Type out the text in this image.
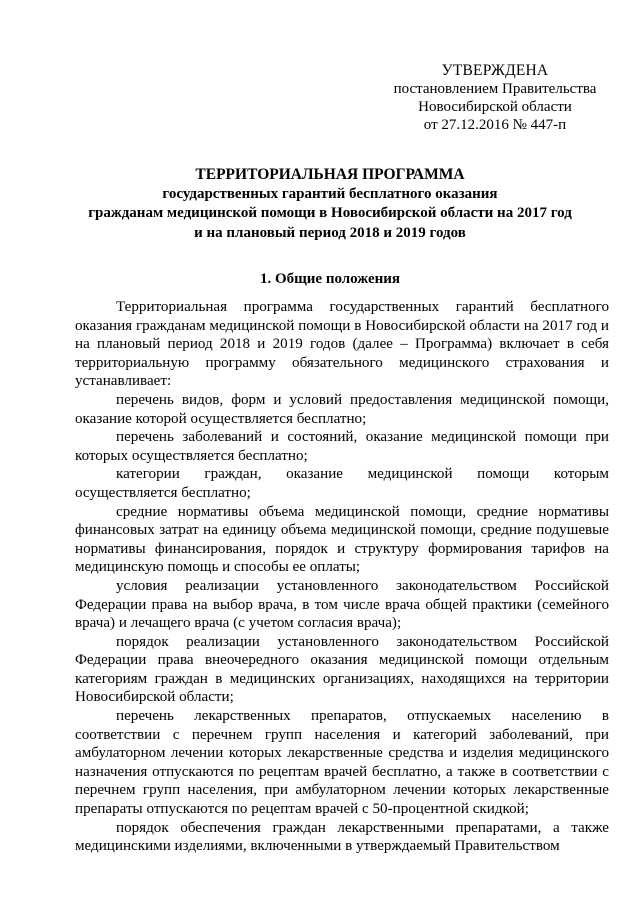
УТВЕРЖДЕНА
постановлением Правительства
Новосибирской области
от 27.12.2016 № 447-п
ТЕРРИТОРИАЛЬНАЯ ПРОГРАММА
государственных гарантий бесплатного оказания
гражданам медицинской помощи в Новосибирской области на 2017 год
и на плановый период 2018 и 2019 годов
1. Общие положения

Территориальная программа государственных гарантий бесплатного оказания гражданам медицинской помощи в Новосибирской области на 2017 год и на плановый период 2018 и 2019 годов (далее – Программа) включает в себя территориальную программу обязательного медицинского страхования и устанавливает:

перечень видов, форм и условий предоставления медицинской помощи, оказание которой осуществляется бесплатно;

перечень заболеваний и состояний, оказание медицинской помощи при которых осуществляется бесплатно;

категории граждан, оказание медицинской помощи которым осуществляется бесплатно;

средние нормативы объема медицинской помощи, средние нормативы финансовых затрат на единицу объема медицинской помощи, средние подушевые нормативы финансирования, порядок и структуру формирования тарифов на медицинскую помощь и способы ее оплаты;

условия реализации установленного законодательством Российской Федерации права на выбор врача, в том числе врача общей практики (семейного врача) и лечащего врача (с учетом согласия врача);

порядок реализации установленного законодательством Российской Федерации права внеочередного оказания медицинской помощи отдельным категориям граждан в медицинских организациях, находящихся на территории Новосибирской области;

перечень лекарственных препаратов, отпускаемых населению в соответствии с перечнем групп населения и категорий заболеваний, при амбулаторном лечении которых лекарственные средства и изделия медицинского назначения отпускаются по рецептам врачей бесплатно, а также в соответствии с перечнем групп населения, при амбулаторном лечении которых лекарственные препараты отпускаются по рецептам врачей с 50-процентной скидкой;

порядок обеспечения граждан лекарственными препаратами, а также медицинскими изделиями, включенными в утверждаемый Правительством
